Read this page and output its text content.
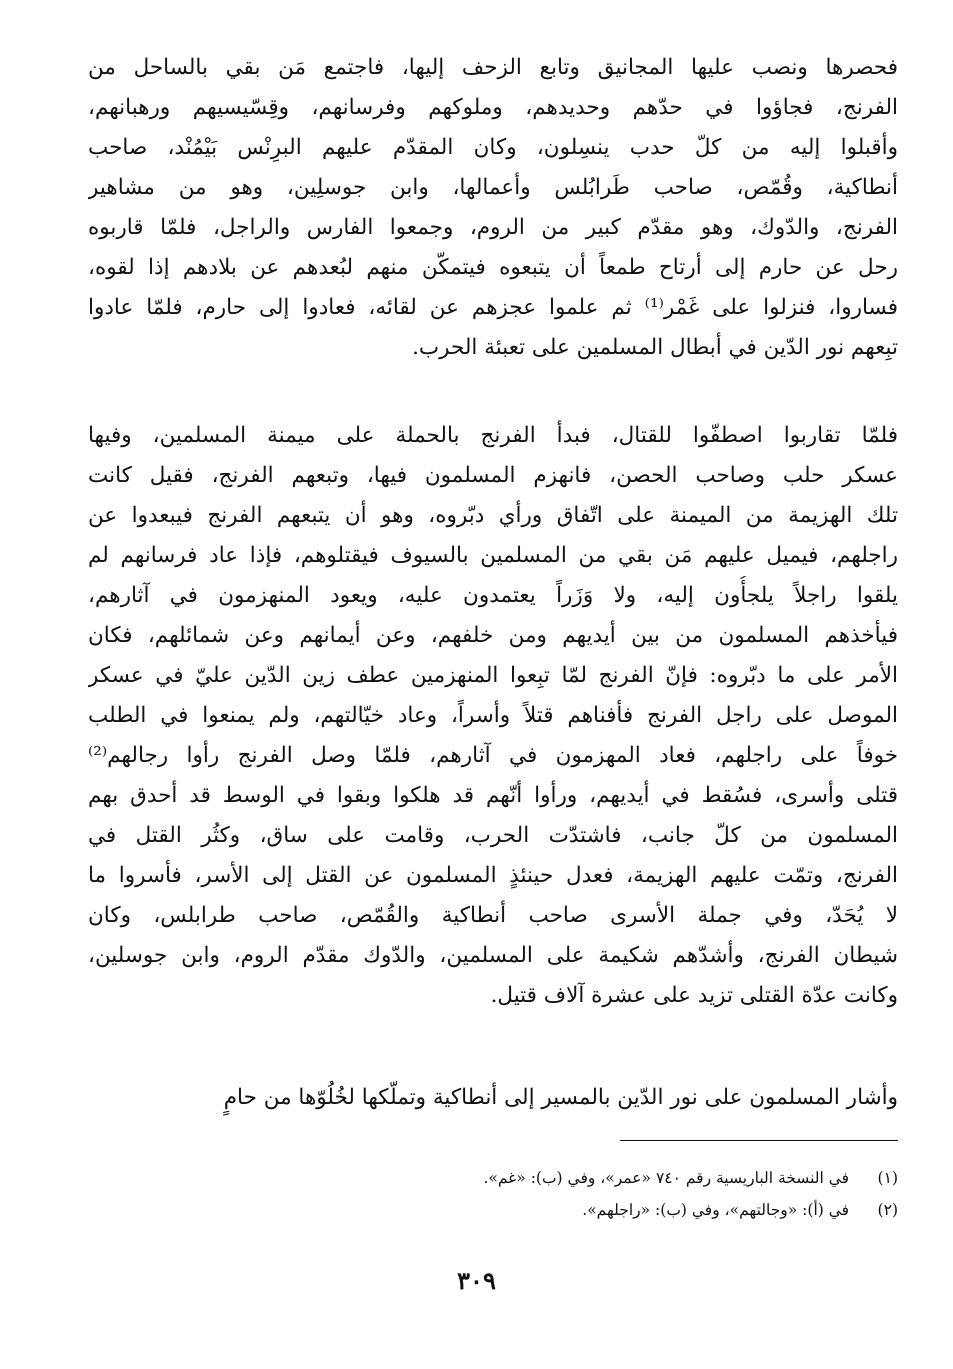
فحصرها ونصب عليها المجانيق وتابع الزحف إليها، فاجتمع مَن بقي بالساحل من
الفرنج، فجاؤوا في حدّهم وحديدهم، وملوكهم وفرسانهم، وقِسّيسيهم ورهبانهم،
وأقبلوا إليه من كلّ حدب ينسِلون، وكان المقدّم عليهم البرِنْس بَيْمُنْد، صاحب
أنطاكية، وقُمّص، صاحب طَرابُلس وأعمالها، وابن جوسلِين، وهو من مشاهير
الفرنج، والدّوك، وهو مقدّم كبير من الروم، وجمعوا الفارس والراجل، فلمّا قاربوه
رحل عن حارم إلى أرتاح طمعاً أن يتبعوه فيتمكّن منهم لبُعدهم عن بلادهم إذا لقوه،
فساروا، فنزلوا على غَمْر⁽¹⁾ ثم علموا عجزهم عن لقائه، فعادوا إلى حارم، فلمّا عادوا
تبِعهم نور الدّين في أبطال المسلمين على تعبئة الحرب.
فلمّا تقاربوا اصطفّوا للقتال، فبدأ الفرنج بالحملة على ميمنة المسلمين، وفيها
عسكر حلب وصاحب الحصن، فانهزم المسلمون فيها، وتبعهم الفرنج، فقيل كانت
تلك الهزيمة من الميمنة على اتّفاق ورأي دبّروه، وهو أن يتبعهم الفرنج فيبعدوا عن
راجلهم، فيميل عليهم مَن بقي من المسلمين بالسيوف فيقتلوهم، فإذا عاد فرسانهم لم
يلقوا راجلاً يلجأُون إليه، ولا وَزَراً يعتمدون عليه، ويعود المنهزمون في آثارهم،
فيأخذهم المسلمون من بين أيديهم ومن خلفهم، وعن أيمانهم وعن شمائلهم، فكان
الأمر على ما دبّروه: فإنّ الفرنج لمّا تبِعوا المنهزمين عطف زين الدّين عليّ في عسكر
الموصل على راجل الفرنج فأفناهم قتلاً وأسراً، وعاد خيّالتهم، ولم يمنعوا في الطلب
خوفاً على راجلهم، فعاد المهزمون في آثارهم، فلمّا وصل الفرنج رأوا رجالهم⁽²⁾
قتلى وأسرى، فسُقط في أيديهم، ورأوا أنّهم قد هلكوا وبقوا في الوسط قد أحدق بهم
المسلمون من كلّ جانب، فاشتدّت الحرب، وقامت على ساق، وكثُر القتل في
الفرنج، وتمّت عليهم الهزيمة، فعدل حينئذٍ المسلمون عن القتل إلى الأسر، فأسروا ما
لا يُحَدّ، وفي جملة الأسرى صاحب أنطاكية والقُمّص، صاحب طرابلس، وكان
شيطان الفرنج، وأشدّهم شكيمة على المسلمين، والدّوك مقدّم الروم، وابن جوسلين،
وكانت عدّة القتلى تزيد على عشرة آلاف قتيل.
وأشار المسلمون على نور الدّين بالمسير إلى أنطاكية وتملّكها لخُلُوّها من حامٍ
(١) في النسخة الباريسية رقم ٧٤٠ «عمر»، وفي (ب): «غم».
(٢) في (أ): «وجالتهم»، وفي (ب): «راجلهم».
٣٠٩
